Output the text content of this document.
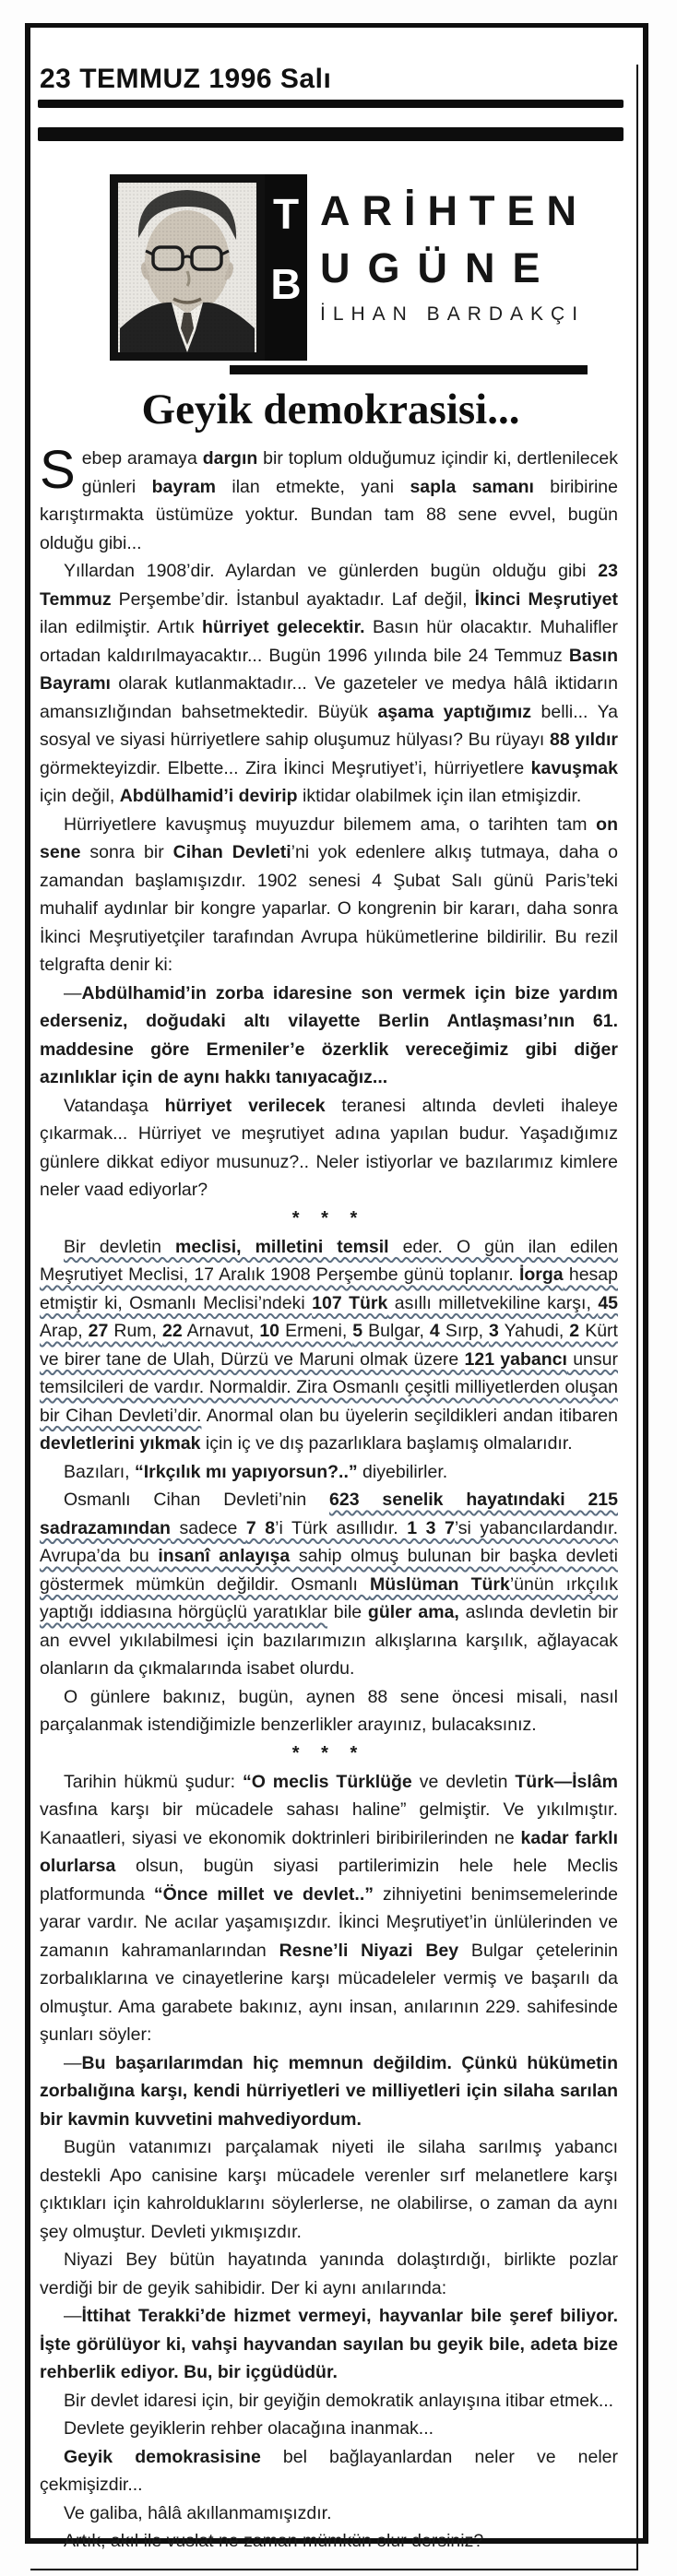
23 TEMMUZ 1996 Salı
T
B
ARİHTEN
UGÜNE
İLHAN BARDAKÇI
Geyik demokrasisi...

Sebep aramaya dargın bir toplum olduğumuz içindir ki, dertlenilecek günleri bayram ilan etmekte, yani sapla samanı biribirine karıştırmakta üstümüze yoktur. Bundan tam 88 sene evvel, bugün olduğu gibi...

Yıllardan 1908’dir. Aylardan ve günlerden bugün olduğu gibi 23 Temmuz Perşembe’dir. İstanbul ayaktadır. Laf değil, İkinci Meşrutiyet ilan edilmiştir. Artık hürriyet gelecektir. Basın hür olacaktır. Muhalifler ortadan kaldırılmayacaktır... Bugün 1996 yılında bile 24 Temmuz Basın Bayramı olarak kutlanmaktadır... Ve gazeteler ve medya hâlâ iktidarın amansızlığından bahsetmektedir. Büyük aşama yaptığımız belli... Ya sosyal ve siyasi hürriyetlere sahip oluşumuz hülyası? Bu rüyayı 88 yıldır görmekteyizdir. Elbette... Zira İkinci Meşrutiyet’i, hürriyetlere kavuşmak için değil, Abdülhamid’i devirip iktidar olabilmek için ilan etmişizdir.

Hürriyetlere kavuşmuş muyuzdur bilemem ama, o tarihten tam on sene sonra bir Cihan Devleti’ni yok edenlere alkış tutmaya, daha o zamandan başlamışızdır. 1902 senesi 4 Şubat Salı günü Paris’teki muhalif aydınlar bir kongre yaparlar. O kongrenin bir kararı, daha sonra İkinci Meşrutiyetçiler tarafından Avrupa hükümetlerine bildirilir. Bu rezil telgrafta denir ki:

—Abdülhamid’in zorba idaresine son vermek için bize yardım ederseniz, doğudaki altı vilayette Berlin Antlaşması’nın 61. maddesine göre Ermeniler’e özerklik vereceğimiz gibi diğer azınlıklar için de aynı hakkı tanıyacağız...

Vatandaşa hürriyet verilecek teranesi altında devleti ihaleye çıkarmak... Hürriyet ve meşrutiyet adına yapılan budur. Yaşadığımız günlere dikkat ediyor musunuz?.. Neler istiyorlar ve bazılarımız kimlere neler vaad ediyorlar?

* * *

Bir devletin meclisi, milletini temsil eder. O gün ilan edilen Meşrutiyet Meclisi, 17 Aralık 1908 Perşembe günü toplanır. İorga hesap etmiştir ki, Osmanlı Meclisi’ndeki 107 Türk asıllı milletvekiline karşı, 45 Arap, 27 Rum, 22 Arnavut, 10 Ermeni, 5 Bulgar, 4 Sırp, 3 Yahudi, 2 Kürt ve birer tane de Ulah, Dürzü ve Maruni olmak üzere 121 yabancı unsur temsilcileri de vardır. Normaldir. Zira Osmanlı çeşitli milliyetlerden oluşan bir Cihan Devleti’dir. Anormal olan bu üyelerin seçildikleri andan itibaren devletlerini yıkmak için iç ve dış pazarlıklara başlamış olmalarıdır.

Bazıları, “Irkçılık mı yapıyorsun?..” diyebilirler.

Osmanlı Cihan Devleti’nin 623 senelik hayatındaki 215 sadrazamından sadece 7 8’i Türk asıllıdır. 1 3 7’si yabancılardandır. Avrupa’da bu insanî anlayışa sahip olmuş bulunan bir başka devleti göstermek mümkün değildir. Osmanlı Müslüman Türk’ünün ırkçılık yaptığı iddiasına hörgüçlü yaratıklar bile güler ama, aslında devletin bir an evvel yıkılabilmesi için bazılarımızın alkışlarına karşılık, ağlayacak olanların da çıkmalarında isabet olurdu.

O günlere bakınız, bugün, aynen 88 sene öncesi misali, nasıl parçalanmak istendiğimizle benzerlikler arayınız, bulacaksınız.

* * *

Tarihin hükmü şudur: “O meclis Türklüğe ve devletin Türk—İslâm vasfına karşı bir mücadele sahası haline” gelmiştir. Ve yıkılmıştır. Kanaatleri, siyasi ve ekonomik doktrinleri biribirilerinden ne kadar farklı olurlarsa olsun, bugün siyasi partilerimizin hele hele Meclis platformunda “Önce millet ve devlet..” zihniyetini benimsemelerinde yarar vardır. Ne acılar yaşamışızdır. İkinci Meşrutiyet’in ünlülerinden ve zamanın kahramanlarından Resne’li Niyazi Bey Bulgar çetelerinin zorbalıklarına ve cinayetlerine karşı mücadeleler vermiş ve başarılı da olmuştur. Ama garabete bakınız, aynı insan, anılarının 229. sahifesinde şunları söyler:

—Bu başarılarımdan hiç memnun değildim. Çünkü hükümetin zorbalığına karşı, kendi hürriyetleri ve milliyetleri için silaha sarılan bir kavmin kuvvetini mahvediyordum.

Bugün vatanımızı parçalamak niyeti ile silaha sarılmış yabancı destekli Apo canisine karşı mücadele verenler sırf melanetlere karşı çıktıkları için kahrolduklarını söylerlerse, ne olabilirse, o zaman da aynı şey olmuştur. Devleti yıkmışızdır.

Niyazi Bey bütün hayatında yanında dolaştırdığı, birlikte pozlar verdiği bir de geyik sahibidir. Der ki aynı anılarında:

—İttihat Terakki’de hizmet vermeyi, hayvanlar bile şeref biliyor. İşte görülüyor ki, vahşi hayvandan sayılan bu geyik bile, adeta bize rehberlik ediyor. Bu, bir içgüdüdür.

Bir devlet idaresi için, bir geyiğin demokratik anlayışına itibar etmek...

Devlete geyiklerin rehber olacağına inanmak...

Geyik demokrasisine bel bağlayanlardan neler ve neler çekmişizdir...

Ve galiba, hâlâ akıllanmamışızdır.

Artık, akıl ile vuslat ne zaman mümkün olur dersiniz?
